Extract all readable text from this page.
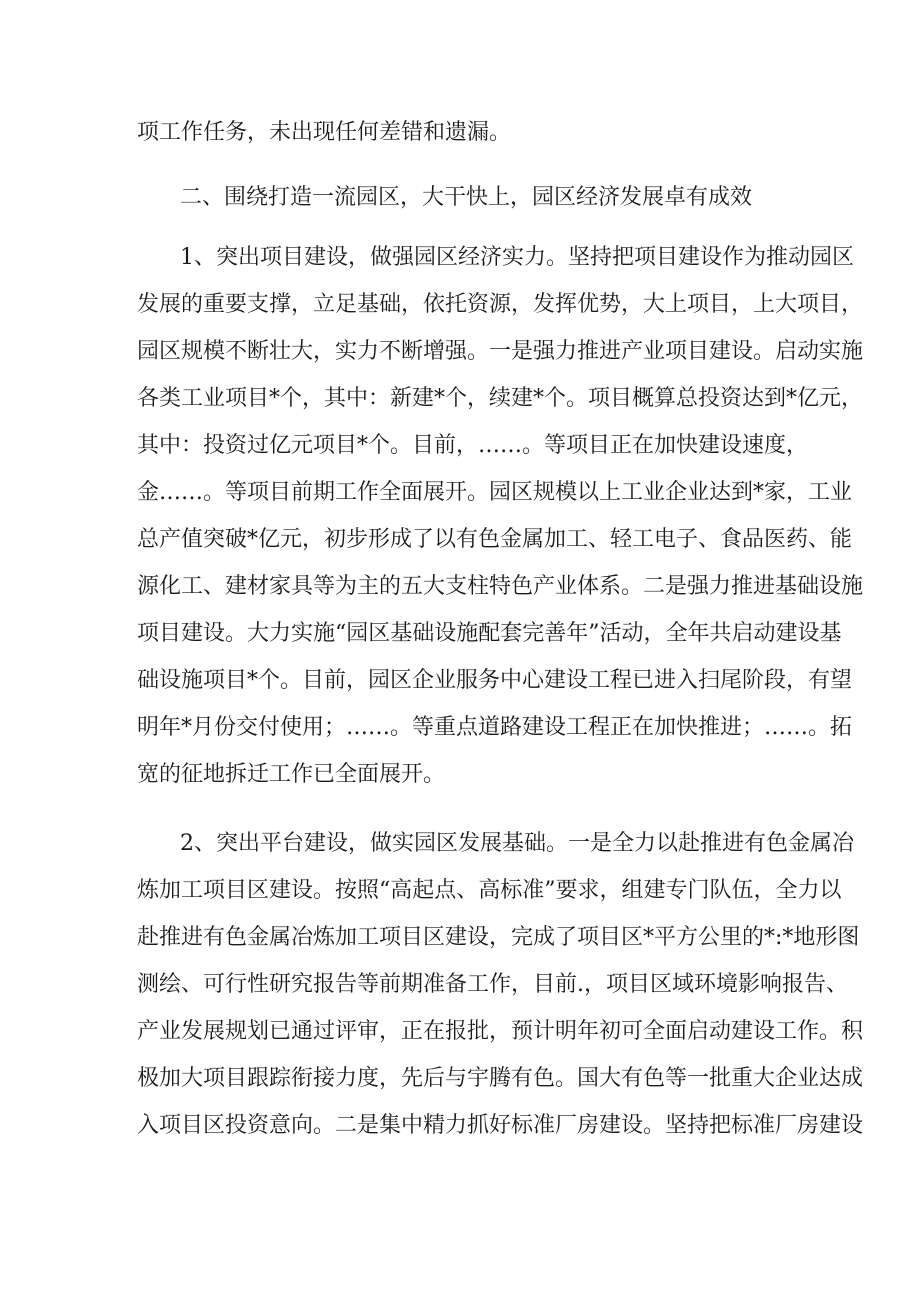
项工作任务，未出现任何差错和遗漏。
二、围绕打造一流园区，大干快上，园区经济发展卓有成效
1、突出项目建设，做强园区经济实力。坚持把项目建设作为推动园区
发展的重要支撑，立足基础，依托资源，发挥优势，大上项目，上大项目，
园区规模不断壮大，实力不断增强。一是强力推进产业项目建设。启动实施
各类工业项目*个，其中：新建*个，续建*个。项目概算总投资达到*亿元，
其中：投资过亿元项目*个。目前，……。等项目正在加快建设速度，
金……。等项目前期工作全面展开。园区规模以上工业企业达到*家，工业
总产值突破*亿元，初步形成了以有色金属加工、轻工电子、食品医药、能
源化工、建材家具等为主的五大支柱特色产业体系。二是强力推进基础设施
项目建设。大力实施“园区基础设施配套完善年”活动，全年共启动建设基
础设施项目*个。目前，园区企业服务中心建设工程已进入扫尾阶段，有望
明年*月份交付使用；……。等重点道路建设工程正在加快推进；……。拓
宽的征地拆迁工作已全面展开。
2、突出平台建设，做实园区发展基础。一是全力以赴推进有色金属冶
炼加工项目区建设。按照“高起点、高标准”要求，组建专门队伍，全力以
赴推进有色金属冶炼加工项目区建设，完成了项目区*平方公里的*:*地形图
测绘、可行性研究报告等前期准备工作，目前.，项目区域环境影响报告、
产业发展规划已通过评审，正在报批，预计明年初可全面启动建设工作。积
极加大项目跟踪衔接力度，先后与宇腾有色。国大有色等一批重大企业达成
入项目区投资意向。二是集中精力抓好标准厂房建设。坚持把标准厂房建设
